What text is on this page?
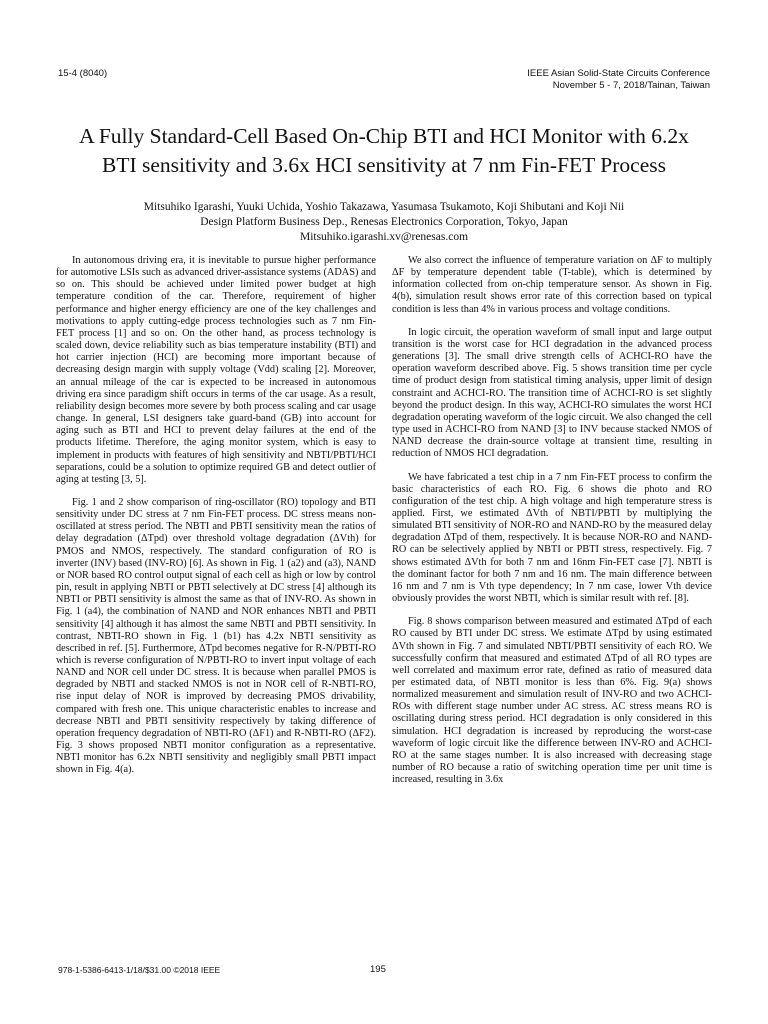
15-4 (8040)	IEEE Asian Solid-State Circuits Conference
November 5 - 7, 2018/Tainan, Taiwan
A Fully Standard-Cell Based On-Chip BTI and HCI Monitor with 6.2x
BTI sensitivity and 3.6x HCI sensitivity at 7 nm Fin-FET Process
Mitsuhiko Igarashi, Yuuki Uchida, Yoshio Takazawa, Yasumasa Tsukamoto, Koji Shibutani and Koji Nii
Design Platform Business Dep., Renesas Electronics Corporation, Tokyo, Japan
Mitsuhiko.igarashi.xv@renesas.com

In autonomous driving era, it is inevitable to pursue higher performance for automotive LSIs such as advanced driver-assistance systems (ADAS) and so on. This should be achieved under limited power budget at high temperature condition of the car. Therefore, requirement of higher performance and higher energy efficiency are one of the key challenges and motivations to apply cutting-edge process technologies such as 7 nm Fin-FET process [1] and so on. On the other hand, as process technology is scaled down, device reliability such as bias temperature instability (BTI) and hot carrier injection (HCI) are becoming more important because of decreasing design margin with supply voltage (Vdd) scaling [2]. Moreover, an annual mileage of the car is expected to be increased in autonomous driving era since paradigm shift occurs in terms of the car usage. As a result, reliability design becomes more severe by both process scaling and car usage change. In general, LSI designers take guard-band (GB) into account for aging such as BTI and HCI to prevent delay failures at the end of the products lifetime. Therefore, the aging monitor system, which is easy to implement in products with features of high sensitivity and NBTI/PBTI/HCI separations, could be a solution to optimize required GB and detect outlier of aging at testing [3, 5].

Fig. 1 and 2 show comparison of ring-oscillator (RO) topology and BTI sensitivity under DC stress at 7 nm Fin-FET process. DC stress means non-oscillated at stress period. The NBTI and PBTI sensitivity mean the ratios of delay degradation (ΔTpd) over threshold voltage degradation (ΔVth) for PMOS and NMOS, respectively. The standard configuration of RO is inverter (INV) based (INV-RO) [6]. As shown in Fig. 1 (a2) and (a3), NAND or NOR based RO control output signal of each cell as high or low by control pin, result in applying NBTI or PBTI selectively at DC stress [4] although its NBTI or PBTI sensitivity is almost the same as that of INV-RO. As shown in Fig. 1 (a4), the combination of NAND and NOR enhances NBTI and PBTI sensitivity [4] although it has almost the same NBTI and PBTI sensitivity. In contrast, NBTI-RO shown in Fig. 1 (b1) has 4.2x NBTI sensitivity as described in ref. [5]. Furthermore, ΔTpd becomes negative for R-N/PBTI-RO which is reverse configuration of N/PBTI-RO to invert input voltage of each NAND and NOR cell under DC stress. It is because when parallel PMOS is degraded by NBTI and stacked NMOS is not in NOR cell of R-NBTI-RO, rise input delay of NOR is improved by decreasing PMOS drivability, compared with fresh one. This unique characteristic enables to increase and decrease NBTI and PBTI sensitivity respectively by taking difference of operation frequency degradation of NBTI-RO (ΔF1) and R-NBTI-RO (ΔF2). Fig. 3 shows proposed NBTI monitor configuration as a representative. NBTI monitor has 6.2x NBTI sensitivity and negligibly small PBTI impact shown in Fig. 4(a).

We also correct the influence of temperature variation on ΔF to multiply ΔF by temperature dependent table (T-table), which is determined by information collected from on-chip temperature sensor. As shown in Fig. 4(b), simulation result shows error rate of this correction based on typical condition is less than 4% in various process and voltage conditions.

In logic circuit, the operation waveform of small input and large output transition is the worst case for HCI degradation in the advanced process generations [3]. The small drive strength cells of ACHCI-RO have the operation waveform described above. Fig. 5 shows transition time per cycle time of product design from statistical timing analysis, upper limit of design constraint and ACHCI-RO. The transition time of ACHCI-RO is set slightly beyond the product design. In this way, ACHCI-RO simulates the worst HCI degradation operating waveform of the logic circuit. We also changed the cell type used in ACHCI-RO from NAND [3] to INV because stacked NMOS of NAND decrease the drain-source voltage at transient time, resulting in reduction of NMOS HCI degradation.

We have fabricated a test chip in a 7 nm Fin-FET process to confirm the basic characteristics of each RO. Fig. 6 shows die photo and RO configuration of the test chip. A high voltage and high temperature stress is applied. First, we estimated ΔVth of NBTI/PBTI by multiplying the simulated BTI sensitivity of NOR-RO and NAND-RO by the measured delay degradation ΔTpd of them, respectively. It is because NOR-RO and NAND-RO can be selectively applied by NBTI or PBTI stress, respectively. Fig. 7 shows estimated ΔVth for both 7 nm and 16nm Fin-FET case [7]. NBTI is the dominant factor for both 7 nm and 16 nm. The main difference between 16 nm and 7 nm is Vth type dependency; In 7 nm case, lower Vth device obviously provides the worst NBTI, which is similar result with ref. [8].

Fig. 8 shows comparison between measured and estimated ΔTpd of each RO caused by BTI under DC stress. We estimate ΔTpd by using estimated ΔVth shown in Fig. 7 and simulated NBTI/PBTI sensitivity of each RO. We successfully confirm that measured and estimated ΔTpd of all RO types are well correlated and maximum error rate, defined as ratio of measured data per estimated data, of NBTI monitor is less than 6%. Fig. 9(a) shows normalized measurement and simulation result of INV-RO and two ACHCI-ROs with different stage number under AC stress. AC stress means RO is oscillating during stress period. HCI degradation is only considered in this simulation. HCI degradation is increased by reproducing the worst-case waveform of logic circuit like the difference between INV-RO and ACHCI-RO at the same stages number. It is also increased with decreasing stage number of RO because a ratio of switching operation time per unit time is increased, resulting in 3.6x

978-1-5386-6413-1/18/$31.00 ©2018 IEEE	195
